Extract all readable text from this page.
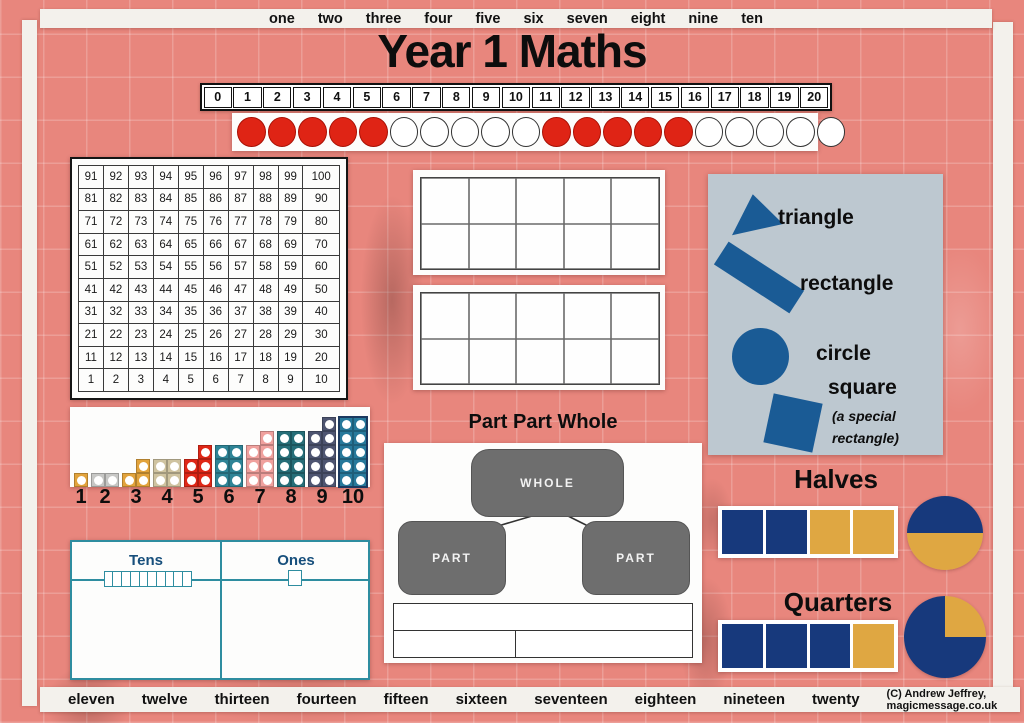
one two three four five six seven eight nine ten
Year 1 Maths
0	1	2	3	4	5	6	7	8	9	10	11	12	13	14	15	16	17	18	19	20
91	92	93	94	95	96	97	98	99	100
81	82	83	84	85	86	87	88	89	90
71	72	73	74	75	76	77	78	79	80
61	62	63	64	65	66	67	68	69	70
51	52	53	54	55	56	57	58	59	60
41	42	43	44	45	46	47	48	49	50
31	32	33	34	35	36	37	38	39	40
21	22	23	24	25	26	27	28	29	30
11	12	13	14	15	16	17	18	19	20
1	2	3	4	5	6	7	8	9	10
triangle
rectangle
circle
square
(a special
rectangle)
1 2 3 4 5 6 7 8 9 10
Part Part Whole
WHOLE
PART	PART
Tens	Ones
Halves
Quarters
eleven twelve thirteen fourteen fifteen sixteen seventeen eighteen nineteen twenty (C) Andrew Jeffrey, magicmessage.co.uk
